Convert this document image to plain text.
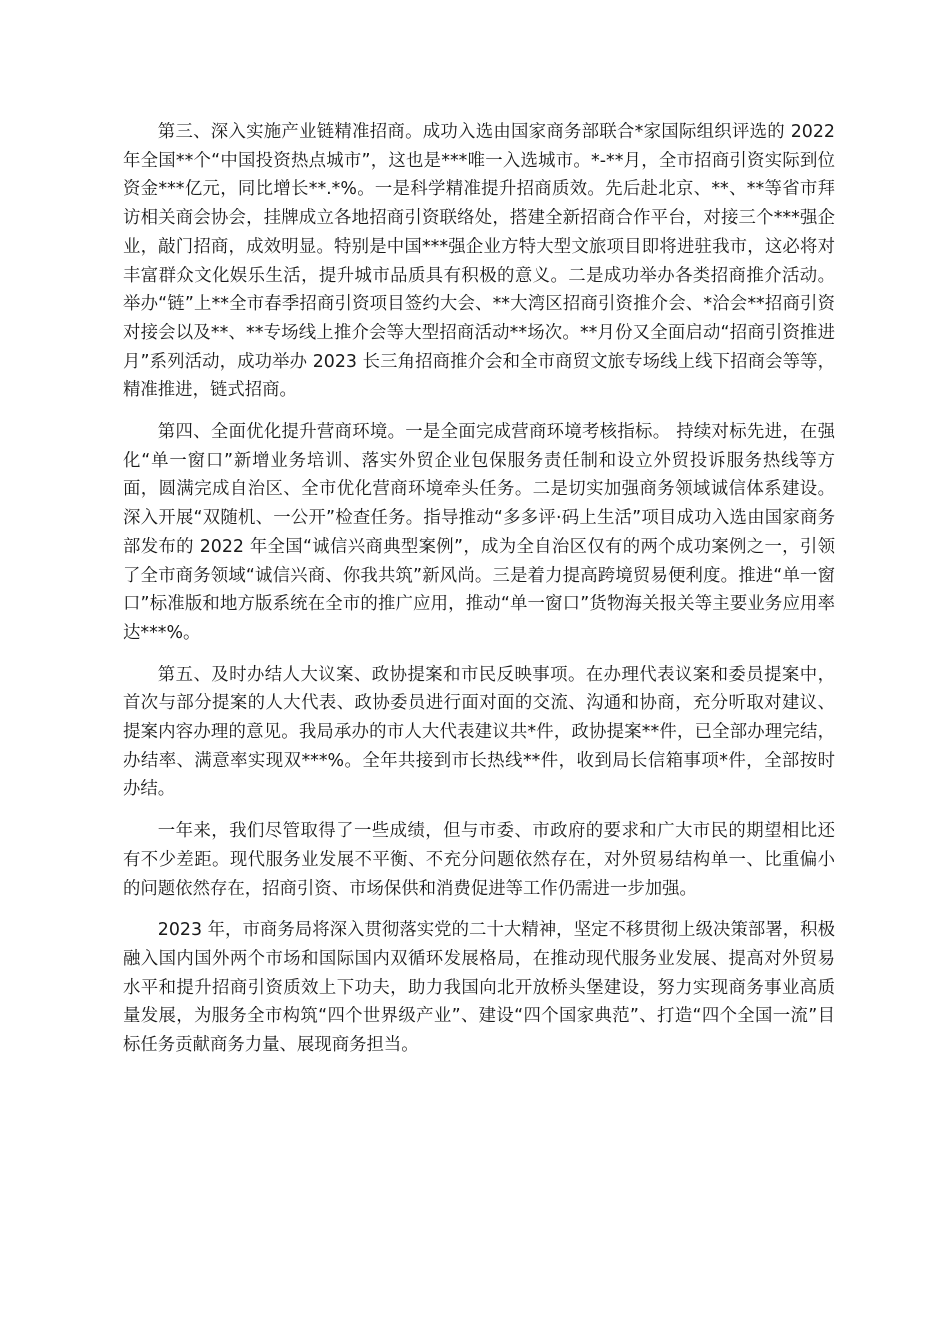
第三、深入实施产业链精准招商。成功入选由国家商务部联合*家国际组织评选的 2022 年全国**个“中国投资热点城市”，这也是***唯一入选城市。*-**月，全市招商引资实际到位资金***亿元，同比增长**.*%。一是科学精准提升招商质效。先后赴北京、**、**等省市拜访相关商会协会，挂牌成立各地招商引资联络处，搭建全新招商合作平台，对接三个***强企业，敲门招商，成效明显。特别是中国***强企业方特大型文旅项目即将进驻我市，这必将对丰富群众文化娱乐生活，提升城市品质具有积极的意义。二是成功举办各类招商推介活动。举办“链”上**全市春季招商引资项目签约大会、**大湾区招商引资推介会、*洽会**招商引资对接会以及**、**专场线上推介会等大型招商活动**场次。**月份又全面启动“招商引资推进月”系列活动，成功举办 2023 长三角招商推介会和全市商贸文旅专场线上线下招商会等等，精准推进，链式招商。

第四、全面优化提升营商环境。一是全面完成营商环境考核指标。 持续对标先进，在强化“单一窗口”新增业务培训、落实外贸企业包保服务责任制和设立外贸投诉服务热线等方面，圆满完成自治区、全市优化营商环境牵头任务。二是切实加强商务领域诚信体系建设。深入开展“双随机、一公开”检查任务。指导推动“多多评·码上生活”项目成功入选由国家商务部发布的 2022 年全国“诚信兴商典型案例”，成为全自治区仅有的两个成功案例之一，引领了全市商务领域“诚信兴商、你我共筑”新风尚。三是着力提高跨境贸易便利度。推进“单一窗口”标准版和地方版系统在全市的推广应用，推动“单一窗口”货物海关报关等主要业务应用率达***%。

第五、及时办结人大议案、政协提案和市民反映事项。在办理代表议案和委员提案中，首次与部分提案的人大代表、政协委员进行面对面的交流、沟通和协商，充分听取对建议、提案内容办理的意见。我局承办的市人大代表建议共*件，政协提案**件，已全部办理完结，办结率、满意率实现双***%。全年共接到市长热线**件，收到局长信箱事项*件，全部按时办结。

一年来，我们尽管取得了一些成绩，但与市委、市政府的要求和广大市民的期望相比还有不少差距。现代服务业发展不平衡、不充分问题依然存在，对外贸易结构单一、比重偏小的问题依然存在，招商引资、市场保供和消费促进等工作仍需进一步加强。

2023 年，市商务局将深入贯彻落实党的二十大精神，坚定不移贯彻上级决策部署，积极融入国内国外两个市场和国际国内双循环发展格局，在推动现代服务业发展、提高对外贸易水平和提升招商引资质效上下功夫，助力我国向北开放桥头堡建设，努力实现商务事业高质量发展，为服务全市构筑“四个世界级产业”、建设“四个国家典范”、打造“四个全国一流”目标任务贡献商务力量、展现商务担当。
